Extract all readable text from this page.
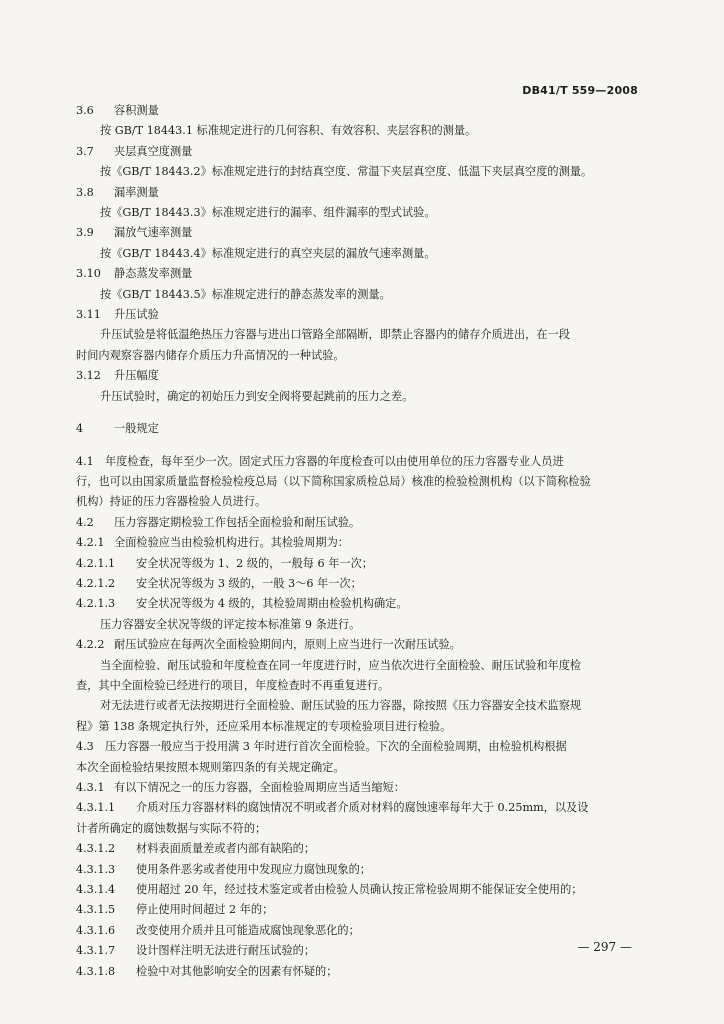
DB41/T 559—2008
3.6 容积测量
按 GB/T 18443.1 标准规定进行的几何容积、有效容积、夹层容积的测量。
3.7 夹层真空度测量
按《GB/T 18443.2》标准规定进行的封结真空度、常温下夹层真空度、低温下夹层真空度的测量。
3.8 漏率测量
按《GB/T 18443.3》标准规定进行的漏率、组件漏率的型式试验。
3.9 漏放气速率测量
按《GB/T 18443.4》标准规定进行的真空夹层的漏放气速率测量。
3.10 静态蒸发率测量
按《GB/T 18443.5》标准规定进行的静态蒸发率的测量。
3.11 升压试验
升压试验是将低温绝热压力容器与进出口管路全部隔断，即禁止容器内的储存介质进出，在一段
时间内观察容器内储存介质压力升高情况的一种试验。
3.12 升压幅度
升压试验时，确定的初始压力到安全阀将要起跳前的压力之差。
4	一般规定
4.1　年度检查，每年至少一次。固定式压力容器的年度检查可以由使用单位的压力容器专业人员进
行，也可以由国家质量监督检验检疫总局（以下简称国家质检总局）核准的检验检测机构（以下简称检验
机构）持证的压力容器检验人员进行。
4.2 压力容器定期检验工作包括全面检验和耐压试验。
4.2.1 全面检验应当由检验机构进行。其检验周期为：
4.2.1.1 安全状况等级为 1、2 级的，一般每 6 年一次；
4.2.1.2 安全状况等级为 3 级的，一般 3～6 年一次；
4.2.1.3 安全状况等级为 4 级的，其检验周期由检验机构确定。
压力容器安全状况等级的评定按本标准第 9 条进行。
4.2.2 耐压试验应在每两次全面检验期间内，原则上应当进行一次耐压试验。
当全面检验、耐压试验和年度检查在同一年度进行时，应当依次进行全面检验、耐压试验和年度检
查，其中全面检验已经进行的项目，年度检查时不再重复进行。
对无法进行或者无法按期进行全面检验、耐压试验的压力容器，除按照《压力容器安全技术监察规
程》第 138 条规定执行外，还应采用本标准规定的专项检验项目进行检验。
4.3　压力容器一般应当于投用满 3 年时进行首次全面检验。下次的全面检验周期，由检验机构根据
本次全面检验结果按照本规则第四条的有关规定确定。
4.3.1 有以下情况之一的压力容器，全面检验周期应当适当缩短：
4.3.1.1 介质对压力容器材料的腐蚀情况不明或者介质对材料的腐蚀速率每年大于 0.25mm，以及设
计者所确定的腐蚀数据与实际不符的；
4.3.1.2 材料表面质量差或者内部有缺陷的；
4.3.1.3 使用条件恶劣或者使用中发现应力腐蚀现象的；
4.3.1.4 使用超过 20 年，经过技术鉴定或者由检验人员确认按正常检验周期不能保证安全使用的；
4.3.1.5 停止使用时间超过 2 年的；
4.3.1.6 改变使用介质并且可能造成腐蚀现象恶化的；
4.3.1.7 设计图样注明无法进行耐压试验的；
4.3.1.8 检验中对其他影响安全的因素有怀疑的；
— 297 —
